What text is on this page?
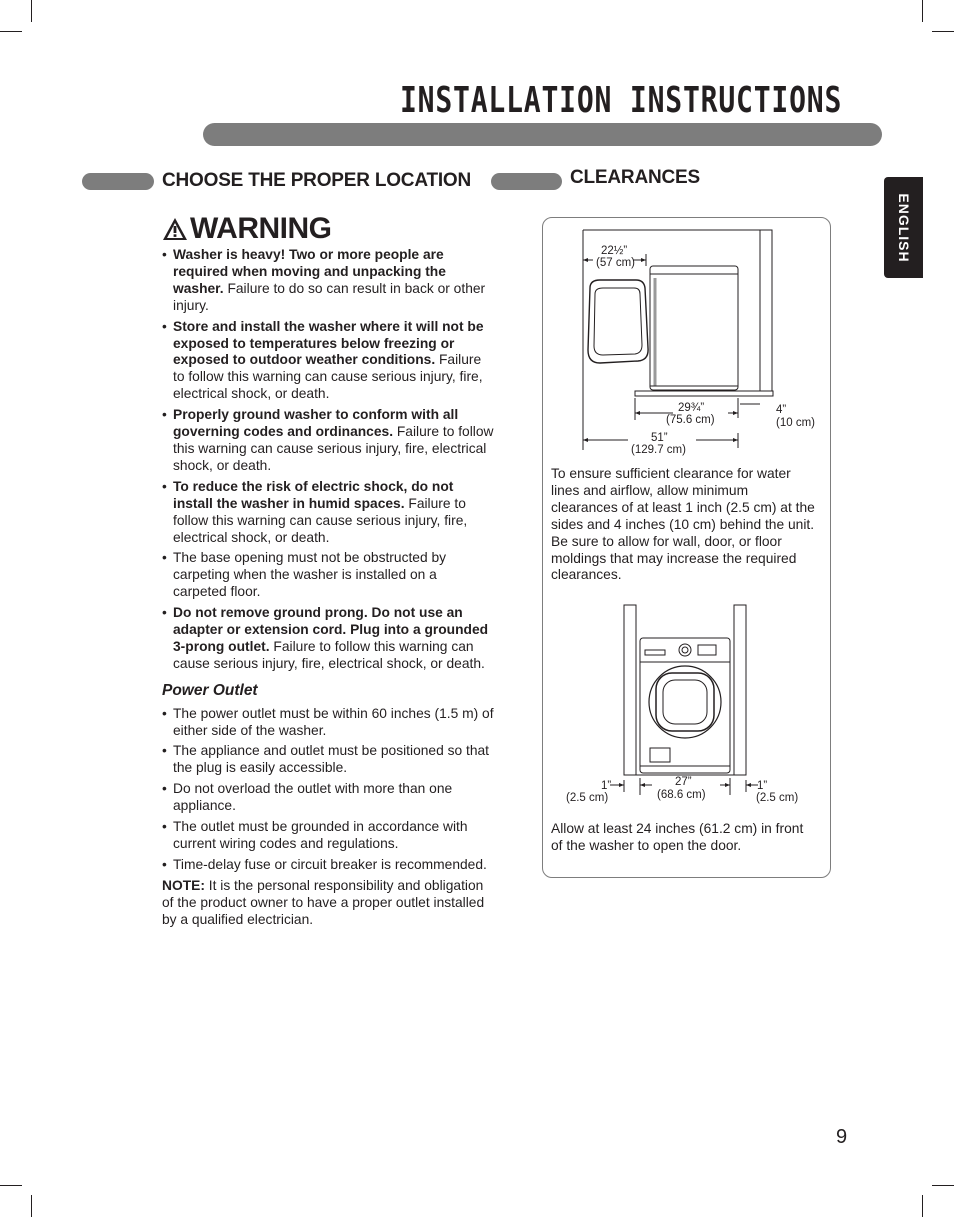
INSTALLATION INSTRUCTIONS
ENGLISH
CHOOSE THE PROPER LOCATION	CLEARANCES
WARNING
• Washer is heavy! Two or more people are required when moving and unpacking the washer. Failure to do so can result in back or other injury.
• Store and install the washer where it will not be exposed to temperatures below freezing or exposed to outdoor weather conditions. Failure to follow this warning can cause serious injury, fire, electrical shock, or death.
• Properly ground washer to conform with all governing codes and ordinances. Failure to follow this warning can cause serious injury, fire, electrical shock, or death.
• To reduce the risk of electric shock, do not install the washer in humid spaces. Failure to follow this warning can cause serious injury, fire, electrical shock, or death.
• The base opening must not be obstructed by carpeting when the washer is installed on a carpeted floor.
• Do not remove ground prong. Do not use an adapter or extension cord. Plug into a grounded 3-prong outlet. Failure to follow this warning can cause serious injury, fire, electrical shock, or death.
Power Outlet
• The power outlet must be within 60 inches (1.5 m) of either side of the washer.
• The appliance and outlet must be positioned so that the plug is easily accessible.
• Do not overload the outlet with more than one appliance.
• The outlet must be grounded in accordance with current wiring codes and regulations.
• Time-delay fuse or circuit breaker is recommended.
NOTE: It is the personal responsibility and obligation of the product owner to have a proper outlet installed by a qualified electrician.
22½”
(57 cm)
29¾”
(75.6 cm)
51”
(129.7 cm)
4”
(10 cm)
To ensure sufficient clearance for water lines and airflow, allow minimum clearances of at least 1 inch (2.5 cm) at the sides and 4 inches (10 cm) behind the unit. Be sure to allow for wall, door, or floor moldings that may increase the required clearances.
1”
(2.5 cm)
27”
(68.6 cm)
1”
(2.5 cm)
Allow at least 24 inches (61.2 cm) in front of the washer to open the door.
9
